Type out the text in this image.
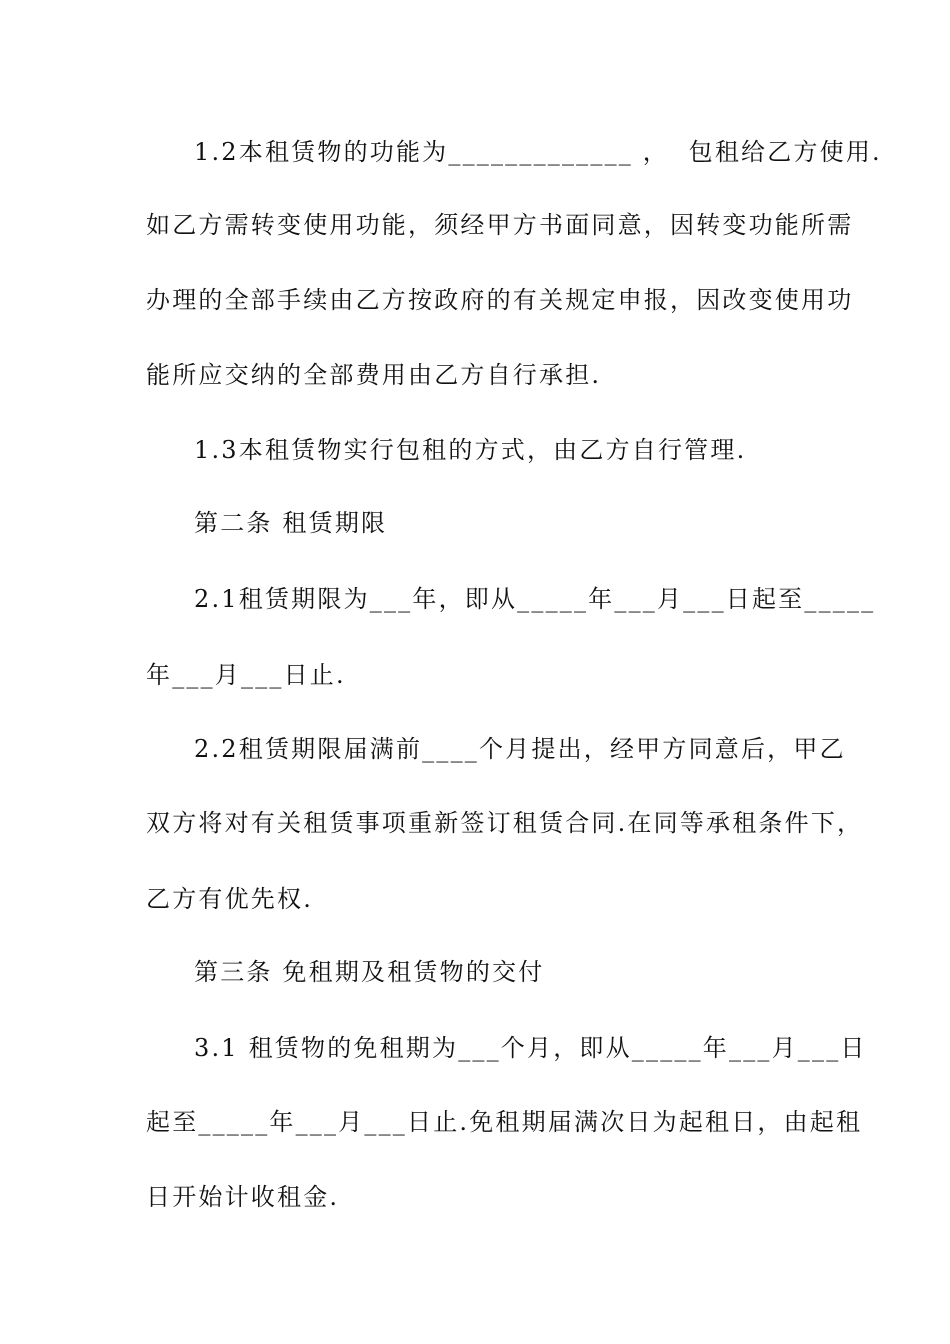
1.2本租赁物的功能为_____________ ，  包租给乙方使用.
如乙方需转变使用功能，须经甲方书面同意，因转变功能所需
办理的全部手续由乙方按政府的有关规定申报，因改变使用功
能所应交纳的全部费用由乙方自行承担.
1.3本租赁物实行包租的方式，由乙方自行管理.
第二条 租赁期限
2.1租赁期限为___年，即从_____年___月___日起至_____
年___月___日止.
2.2租赁期限届满前____个月提出，经甲方同意后，甲乙
双方将对有关租赁事项重新签订租赁合同.在同等承租条件下，
乙方有优先权.
第三条 免租期及租赁物的交付
3.1 租赁物的免租期为___个月，即从_____年___月___日
起至_____年___月___日止.免租期届满次日为起租日，由起租
日开始计收租金.
